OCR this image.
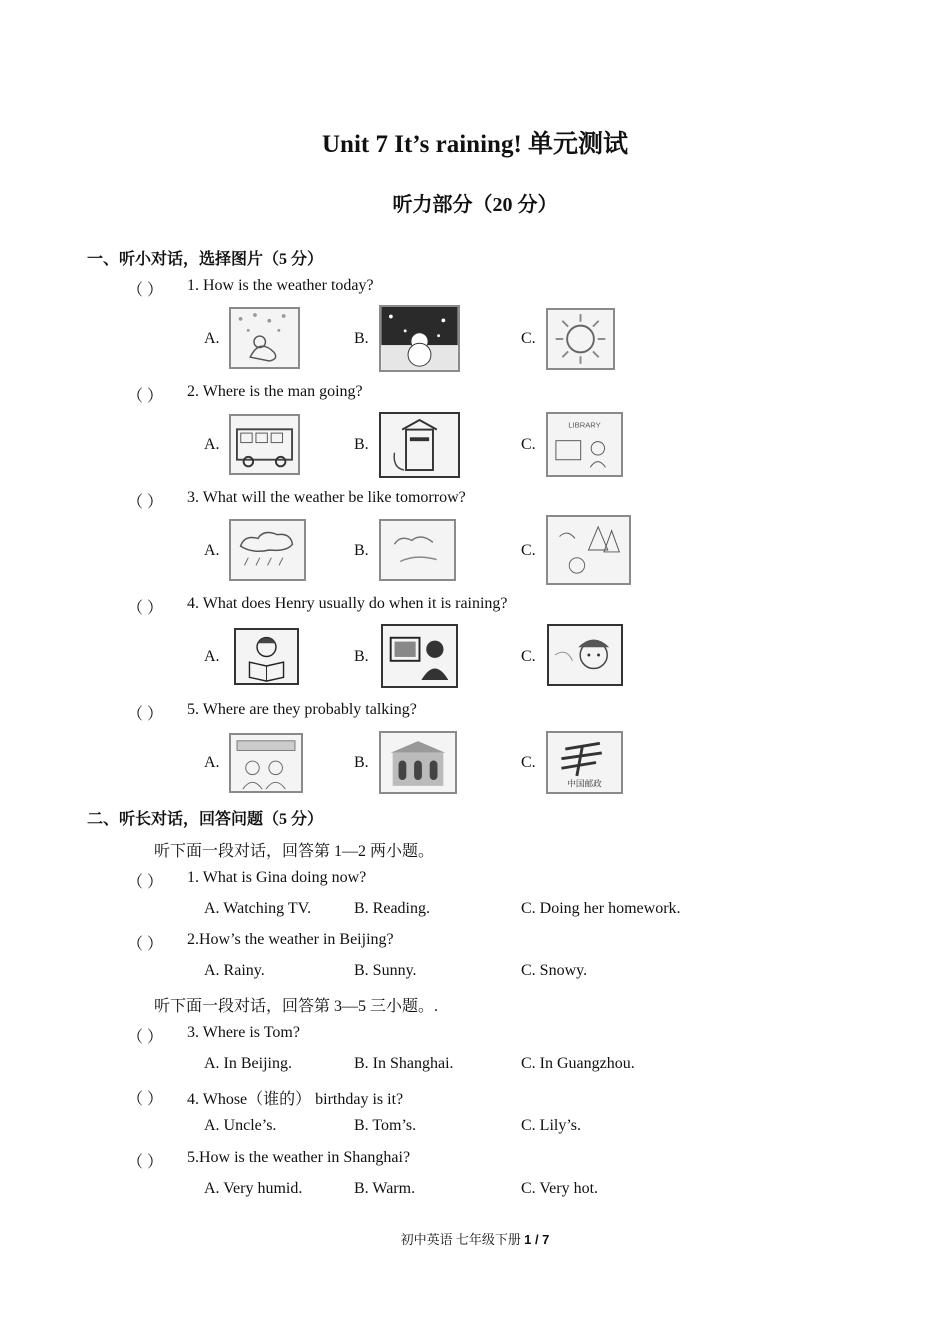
Unit 7 It’s raining! 单元测试
听力部分（20 分）
一、听小对话，选择图片（5 分）
（ ） 1. How is the weather today?
A.	B.	C.
（ ） 2. Where is the man going?
A.	B.	C.
LIBRARY
（ ） 3. What will the weather be like tomorrow?
A.	B.	C.
（ ） 4. What does Henry usually do when it is raining?
A.	B.	C.
（ ） 5. Where are they probably talking?
A.	B.	C.
中国邮政
二、听长对话，回答问题（5 分）
听下面一段对话，回答第 1—2 两小题。
（ ） 1. What is Gina doing now?
A. Watching TV.	B. Reading.	C. Doing her homework.
（ ） 2.How’s the weather in Beijing?
A. Rainy.	B. Sunny.	C. Snowy.
听下面一段对话，回答第 3—5 三小题。.
（ ） 3. Where is Tom?
A. In Beijing.	B. In Shanghai.	C. In Guangzhou.
（ ） 4. Whose（谁的） birthday is it?
A. Uncle’s.	B. Tom’s.	C. Lily’s.
（ ） 5.How is the weather in Shanghai?
A. Very humid.	B. Warm.	C. Very hot.
初中英语 七年级下册 1 / 7
